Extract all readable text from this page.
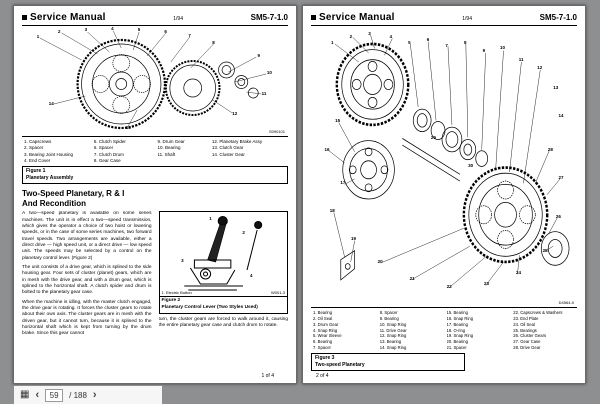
Service Manual	1/94	SM5-7-1.0
S090101
1
2	3	4	5	6
7
8
9
10
11
12
13
14
1. Capscrews
2. Spacer
3. Bearing Joint Housing
4. End Cover
5. Clutch Spider
6. Spacer
7. Clutch Drum
8. Gear Case
9. Drum Gear
10. Bearing
11. Shaft
12. Planetary Brake Assy
13. Clutch Gear
14. Cluster Gear
Figure 1
Planetary Assembly
Two-Speed Planetary, R & I
And Recondition

A two—speed planetary is available on some series machines. The unit is in effect a two—speed transmission, which gives the operator a choice of two hoist or lowering speeds, or in the case of some series machines, two forward travel speeds. Two arrangements are available, either a direct drive — high speed unit, or a direct drive — low speed unit. The speeds may be selected by a control on the planetary control lever. (Figure 2)

The unit consists of a drive gear, which is splined to the side housing gear. Four sets of cluster (planet) gears, which are in mesh with the drive gear, and with a drum gear, which is splined to the horizontal shaft. A clutch spider and drum is bolted to the planetary gear case.

When the machine is idling, with the master clutch engaged, the drive gear is rotating. It forces the cluster gears to rotate about their own axis. The cluster gears are in mesh with the driven gear, but it cannot turn, because it is splined to the horizontal shaft which is kept from turning by the drum brake. Since this gear cannot

1. Electric Button	W001-3
1
2
3
4
Figure 2
Planetary Control Lever (Two Styles Used)

turn, the cluster gears are forced to walk around it, causing the entire planetary gear case and clutch drum to rotate.

1 of 4
Service Manual	1/94	SM5-7-1.0
D4564-0
1
2
3
4
5
6
7
8
9
10
11
12
13
14
15
16
17
18
19
20
21
22
23
24
25
26
27
28
29
30
1. Bearing
2. Oil Seal
3. Drum Gear
4. Snap Ring
5. Wear Sleeve
6. Bearing
7. Spacer
8. Spacer
9. Bearing
10. Snap Ring
11. Drive Gear
12. Snap Ring
13. Bearing
14. Snap Ring
15. Bearing
16. Snap Ring
17. Bearing
18. O-ring
19. Snap Ring
20. Bearing
21. Spacer
22. Capscrews & Washers
23. End Plate
24. Oil Seal
25. Bearings
26. Cluster Gears
27. Gear Case
28. Drive Gear
Figure 3
Two-speed Planetary
2 of 4
▦ ‹	59	/ 188 ›
